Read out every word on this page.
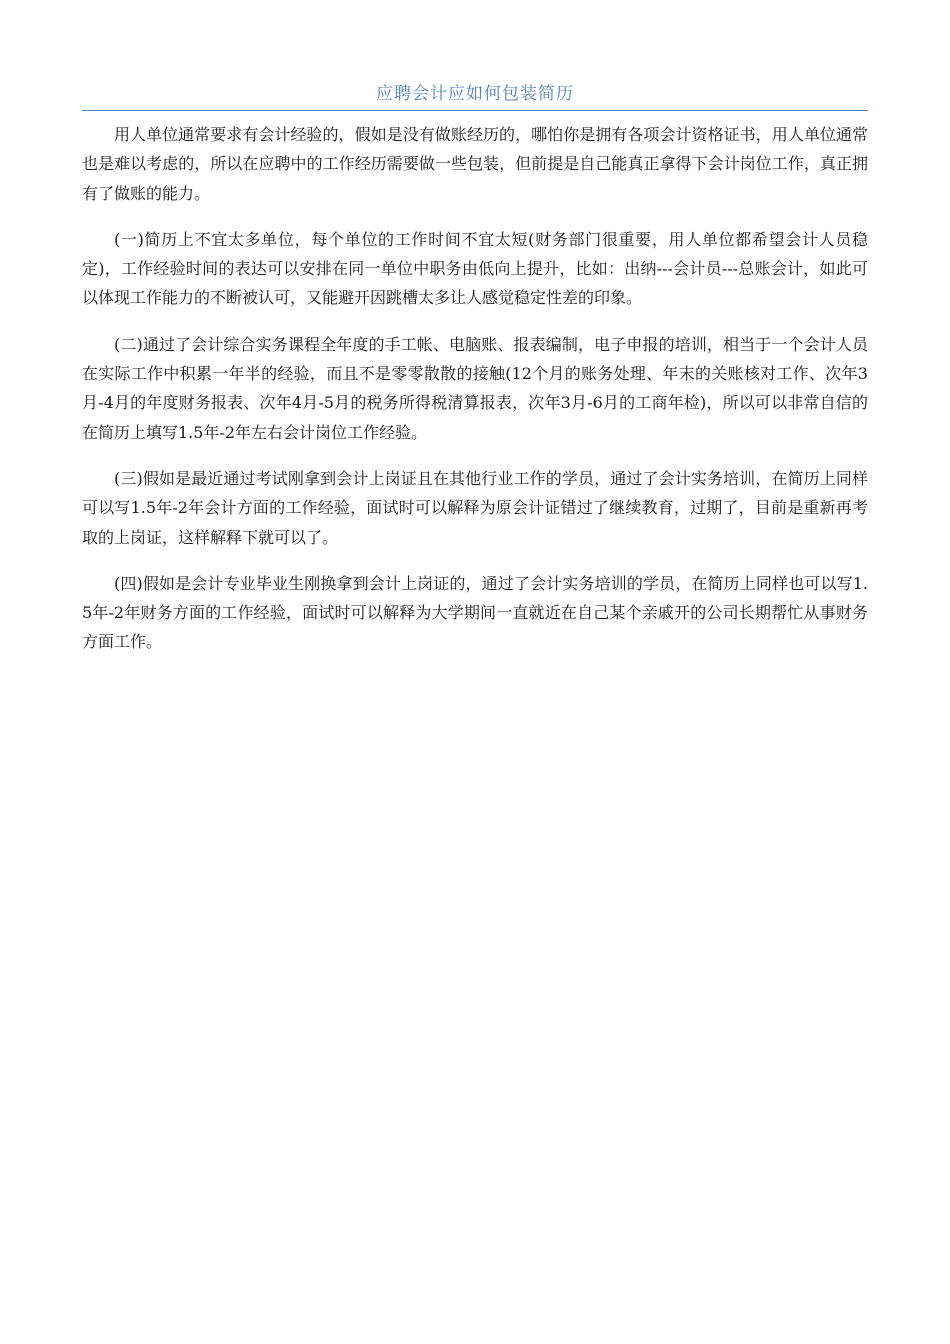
应聘会计应如何包装简历

用人单位通常要求有会计经验的，假如是没有做账经历的，哪怕你是拥有各项会计资格证书，用人单位通常也是难以考虑的，所以在应聘中的工作经历需要做一些包装，但前提是自己能真正拿得下会计岗位工作，真正拥有了做账的能力。

(一)简历上不宜太多单位，每个单位的工作时间不宜太短(财务部门很重要，用人单位都希望会计人员稳定)，工作经验时间的表达可以安排在同一单位中职务由低向上提升，比如：出纳---会计员---总账会计，如此可以体现工作能力的不断被认可，又能避开因跳槽太多让人感觉稳定性差的印象。

(二)通过了会计综合实务课程全年度的手工帐、电脑账、报表编制，电子申报的培训，相当于一个会计人员在实际工作中积累一年半的经验，而且不是零零散散的接触(12个月的账务处理、年末的关账核对工作、次年3月-4月的年度财务报表、次年4月-5月的税务所得税清算报表，次年3月-6月的工商年检)，所以可以非常自信的在简历上填写1.5年-2年左右会计岗位工作经验。

(三)假如是最近通过考试刚拿到会计上岗证且在其他行业工作的学员，通过了会计实务培训，在简历上同样可以写1.5年-2年会计方面的工作经验，面试时可以解释为原会计证错过了继续教育，过期了，目前是重新再考取的上岗证，这样解释下就可以了。

(四)假如是会计专业毕业生刚换拿到会计上岗证的，通过了会计实务培训的学员，在简历上同样也可以写1.5年-2年财务方面的工作经验，面试时可以解释为大学期间一直就近在自己某个亲戚开的公司长期帮忙从事财务方面工作。
